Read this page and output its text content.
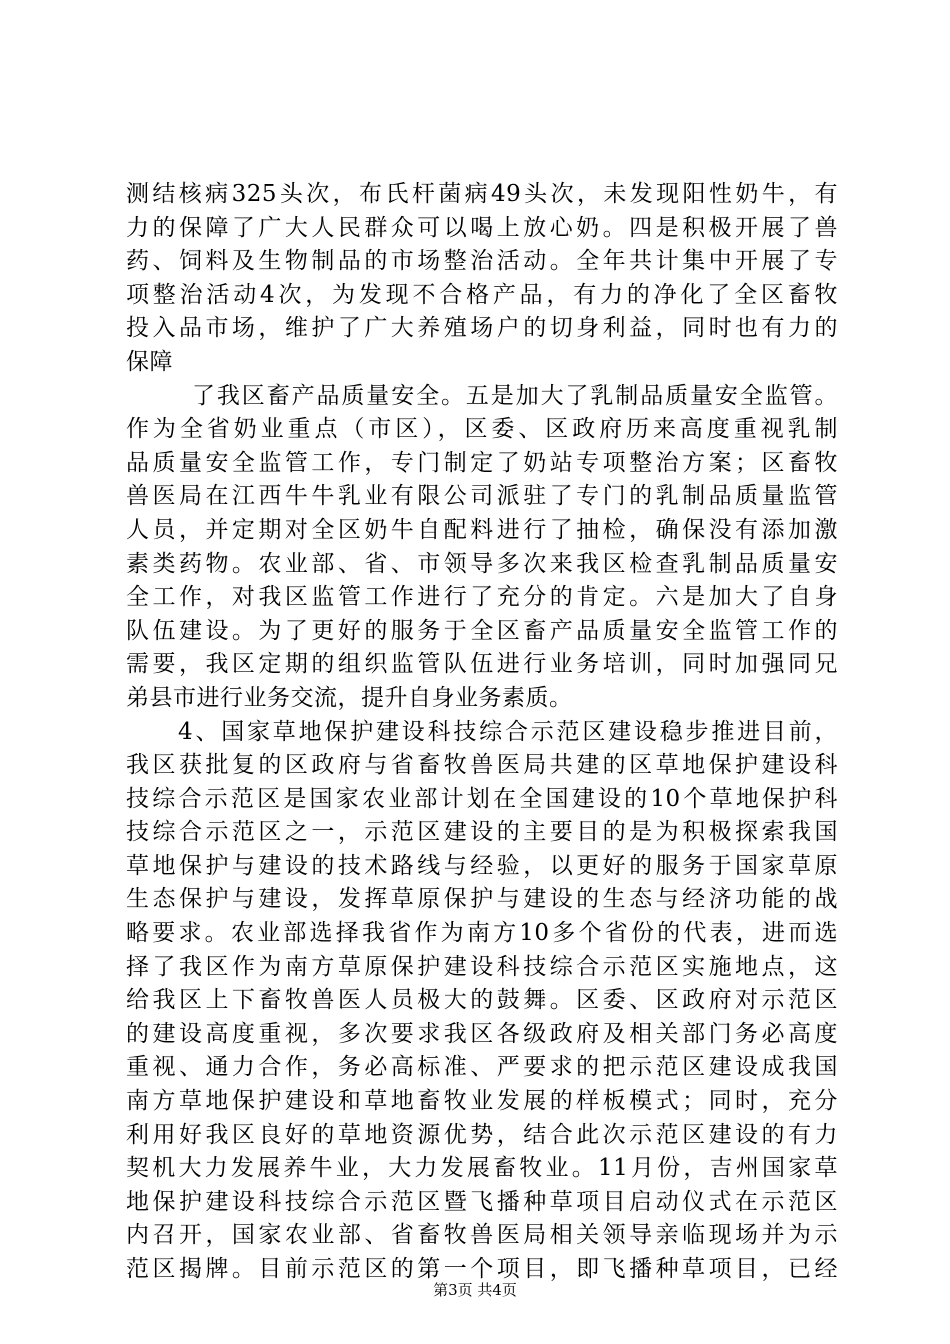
测结核病325头次，布氏杆菌病49头次，未发现阳性奶牛，有
力的保障了广大人民群众可以喝上放心奶。四是积极开展了兽
药、饲料及生物制品的市场整治活动。全年共计集中开展了专
项整治活动4次，为发现不合格产品，有力的净化了全区畜牧
投入品市场，维护了广大养殖场户的切身利益，同时也有力的
保障
了我区畜产品质量安全。五是加大了乳制品质量安全监管。
作为全省奶业重点（市区），区委、区政府历来高度重视乳制
品质量安全监管工作，专门制定了奶站专项整治方案；区畜牧
兽医局在江西牛牛乳业有限公司派驻了专门的乳制品质量监管
人员，并定期对全区奶牛自配料进行了抽检，确保没有添加激
素类药物。农业部、省、市领导多次来我区检查乳制品质量安
全工作，对我区监管工作进行了充分的肯定。六是加大了自身
队伍建设。为了更好的服务于全区畜产品质量安全监管工作的
需要，我区定期的组织监管队伍进行业务培训，同时加强同兄
弟县市进行业务交流，提升自身业务素质。
4、国家草地保护建设科技综合示范区建设稳步推进目前，
我区获批复的区政府与省畜牧兽医局共建的区草地保护建设科
技综合示范区是国家农业部计划在全国建设的10个草地保护科
技综合示范区之一，示范区建设的主要目的是为积极探索我国
草地保护与建设的技术路线与经验，以更好的服务于国家草原
生态保护与建设，发挥草原保护与建设的生态与经济功能的战
略要求。农业部选择我省作为南方10多个省份的代表，进而选
择了我区作为南方草原保护建设科技综合示范区实施地点，这
给我区上下畜牧兽医人员极大的鼓舞。区委、区政府对示范区
的建设高度重视，多次要求我区各级政府及相关部门务必高度
重视、通力合作，务必高标准、严要求的把示范区建设成我国
南方草地保护建设和草地畜牧业发展的样板模式；同时，充分
利用好我区良好的草地资源优势，结合此次示范区建设的有力
契机大力发展养牛业，大力发展畜牧业。11月份，吉州国家草
地保护建设科技综合示范区暨飞播种草项目启动仪式在示范区
内召开，国家农业部、省畜牧兽医局相关领导亲临现场并为示
范区揭牌。目前示范区的第一个项目，即飞播种草项目，已经
第3页 共4页
